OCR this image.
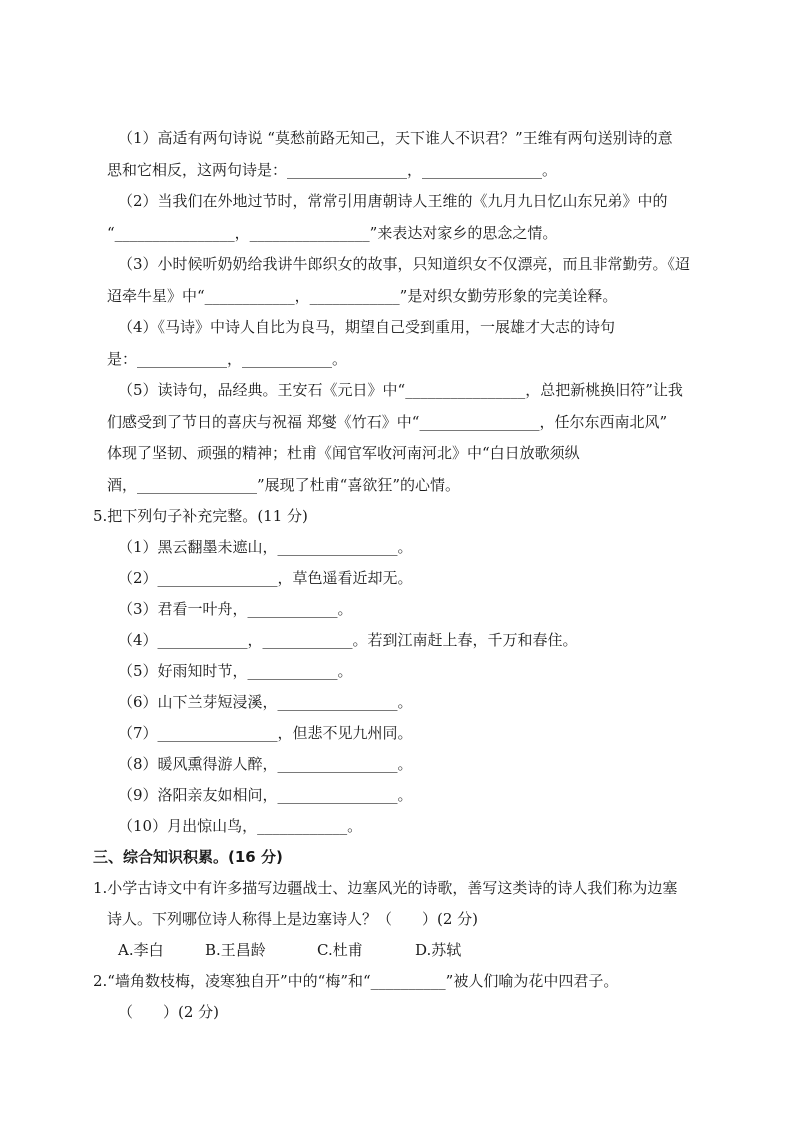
（1）高适有两句诗说 “莫愁前路无知己，天下谁人不识君？”王维有两句送别诗的意
思和它相反，这两句诗是：________________，________________。
（2）当我们在外地过节时，常常引用唐朝诗人王维的《九月九日忆山东兄弟》中的
“________________，________________”来表达对家乡的思念之情。
（3）小时候听奶奶给我讲牛郎织女的故事，只知道织女不仅漂亮，而且非常勤劳。《迢
迢牵牛星》中“____________，____________”是对织女勤劳形象的完美诠释。
（4）《马诗》中诗人自比为良马，期望自己受到重用，一展雄才大志的诗句
是：____________，____________。
（5）读诗句，品经典。王安石《元日》中“________________，总把新桃换旧符”让我
们感受到了节日的喜庆与祝福 郑燮《竹石》中“________________，任尔东西南北风”
体现了坚韧、顽强的精神；杜甫《闻官军收河南河北》中“白日放歌须纵
酒，________________”展现了杜甫“喜欲狂”的心情。
5.把下列句子补充完整。(11 分)
（1）黑云翻墨未遮山，________________。
（2）________________，草色遥看近却无。
（3）君看一叶舟，____________。
（4）____________，____________。若到江南赶上春，千万和春住。
（5）好雨知时节，____________。
（6）山下兰芽短浸溪，________________。
（7）________________，但悲不见九州同。
（8）暖风熏得游人醉，________________。
（9）洛阳亲友如相问，________________。
（10）月出惊山鸟，____________。
三、综合知识积累。(16 分)
1.小学古诗文中有许多描写边疆战士、边塞风光的诗歌，善写这类诗的诗人我们称为边塞
诗人。下列哪位诗人称得上是边塞诗人？（　　）(2 分)
A.李白	B.王昌龄	C.杜甫	D.苏轼
2.“墙角数枝梅，凌寒独自开”中的“梅”和“__________”被人们喻为花中四君子。
（　　）(2 分)
